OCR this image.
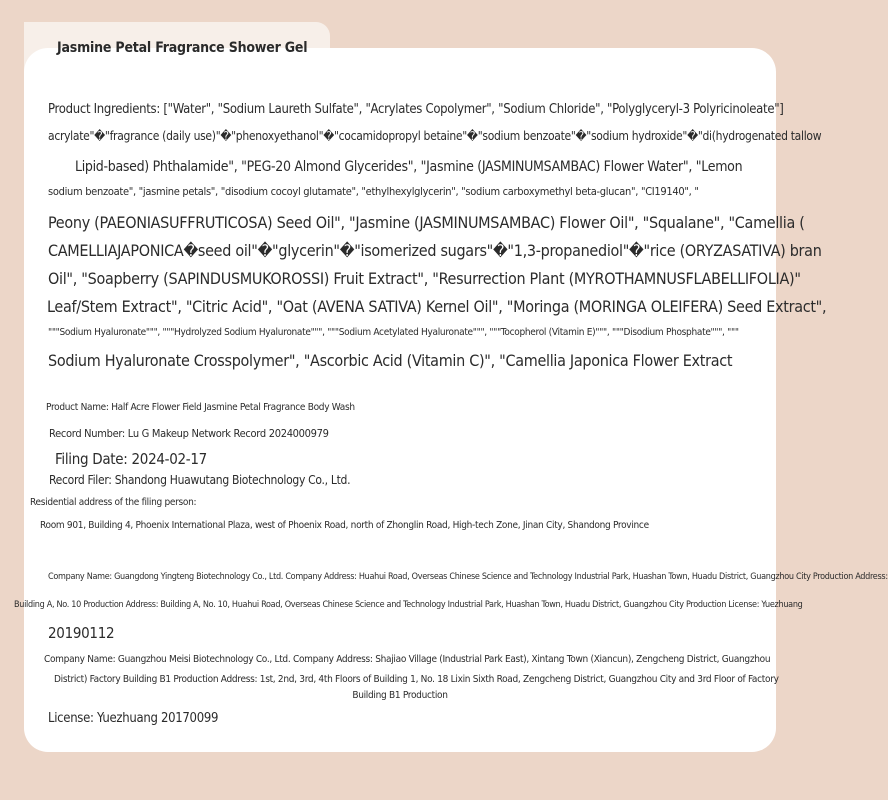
Jasmine Petal Fragrance Shower Gel
Product Ingredients: ["Water", "Sodium Laureth Sulfate", "Acrylates Copolymer", "Sodium Chloride", "Polyglyceryl-3 Polyricinoleate"]
acrylate"�"fragrance (daily use)"�"phenoxyethanol"�"cocamidopropyl betaine"�"sodium benzoate"�"sodium hydroxide"�"di(hydrogenated tallow
Lipid-based) Phthalamide", "PEG-20 Almond Glycerides", "Jasmine (JASMINUMSAMBAC) Flower Water", "Lemon
sodium benzoate", "jasmine petals", "disodium cocoyl glutamate", "ethylhexylglycerin", "sodium carboxymethyl beta-glucan", "CI19140", "
Peony (PAEONIASUFFRUTICOSA) Seed Oil", "Jasmine (JASMINUMSAMBAC) Flower Oil", "Squalane", "Camellia (
CAMELLIAJAPONICA�seed oil"�"glycerin"�"isomerized sugars"�"1,3-propanediol"�"rice (ORYZASATIVA) bran
Oil", "Soapberry (SAPINDUSMUKOROSSI) Fruit Extract", "Resurrection Plant (MYROTHAMNUSFLABELLIFOLIA)"
Leaf/Stem Extract", "Citric Acid", "Oat (AVENA SATIVA) Kernel Oil", "Moringa (MORINGA OLEIFERA) Seed Extract",
"""Sodium Hyaluronate""", """Hydrolyzed Sodium Hyaluronate""", """Sodium Acetylated Hyaluronate""", """Tocopherol (Vitamin E)""", """Disodium Phosphate""", """
Sodium Hyaluronate Crosspolymer", "Ascorbic Acid (Vitamin C)", "Camellia Japonica Flower Extract
Product Name: Half Acre Flower Field Jasmine Petal Fragrance Body Wash
Record Number: Lu G Makeup Network Record 2024000979
Filing Date: 2024-02-17
Record Filer: Shandong Huawutang Biotechnology Co., Ltd.
Residential address of the filing person:
Room 901, Building 4, Phoenix International Plaza, west of Phoenix Road, north of Zhonglin Road, High-tech Zone, Jinan City, Shandong Province
Company Name: Guangdong Yingteng Biotechnology Co., Ltd. Company Address: Huahui Road, Overseas Chinese Science and Technology Industrial Park, Huashan Town, Huadu District, Guangzhou City Production Address:
Building A, No. 10 Production Address: Building A, No. 10, Huahui Road, Overseas Chinese Science and Technology Industrial Park, Huashan Town, Huadu District, Guangzhou City Production License: Yuezhuang
20190112
Company Name: Guangzhou Meisi Biotechnology Co., Ltd. Company Address: Shajiao Village (Industrial Park East), Xintang Town (Xiancun), Zengcheng District, Guangzhou
District) Factory Building B1 Production Address: 1st, 2nd, 3rd, 4th Floors of Building 1, No. 18 Lixin Sixth Road, Zengcheng District, Guangzhou City and 3rd Floor of Factory
Building B1 Production
License: Yuezhuang 20170099
